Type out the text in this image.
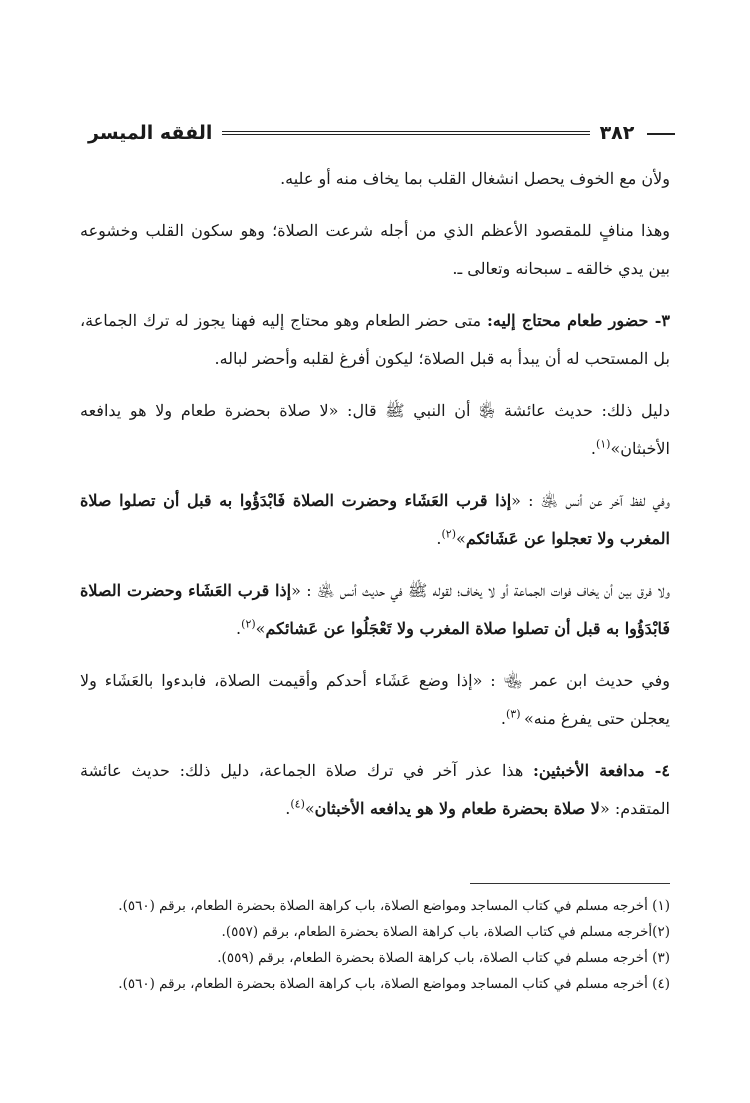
الفقه الميسر	٣٨٢

ولأن مع الخوف يحصل انشغال القلب بما يخاف منه أو عليه.

وهذا منافٍ للمقصود الأعظم الذي من أجله شرعت الصلاة؛ وهو سكون القلب وخشوعه بين يدي خالقه ـ سبحانه وتعالى ـ.

٣- حضور طعام محتاج إليه: متى حضر الطعام وهو محتاج إليه فهنا يجوز له ترك الجماعة، بل المستحب له أن يبدأ به قبل الصلاة؛ ليكون أفرغ لقلبه وأحضر لباله.

دليل ذلك: حديث عائشة ﵂ أن النبي ﷺ قال: «لا صلاة بحضرة طعام ولا هو يدافعه الأخبثان»$^{(١)}$.

وفي لفظ آخر عن أنس ﵁ : «إذا قرب العَشَاء وحضرت الصلاة فَابْدَؤُوا به قبل أن تصلوا صلاة المغرب ولا تعجلوا عن عَشَائكم»$^{(٢)}$.

ولا فرق بين أن يخاف فوات الجماعة أو لا يخاف؛ لقوله ﷺ في حديث أنس ﵁ : «إذا قرب العَشَاء وحضرت الصلاة فَابْدَؤُوا به قبل أن تصلوا صلاة المغرب ولا تَعْجَلُوا عن عَشائكم»$^{(٢)}$.

وفي حديث ابن عمر ﵄ : «إذا وضع عَشَاء أحدكم وأقيمت الصلاة، فابدءوا بالعَشَاء ولا يعجلن حتى يفرغ منه» $^{(٣)}$.

٤- مدافعة الأخبثين: هذا عذر آخر في ترك صلاة الجماعة، دليل ذلك: حديث عائشة المتقدم: «لا صلاة بحضرة طعام ولا هو يدافعه الأخبثان»$^{(٤)}$.

(١) أخرجه مسلم في كتاب المساجد ومواضع الصلاة، باب كراهة الصلاة بحضرة الطعام، برقم (٥٦٠).

(٢)أخرجه مسلم في كتاب الصلاة، باب كراهة الصلاة بحضرة الطعام، برقم (٥٥٧).

(٣) أخرجه مسلم في كتاب الصلاة، باب كراهة الصلاة بحضرة الطعام، برقم (٥٥٩).

(٤) أخرجه مسلم في كتاب المساجد ومواضع الصلاة، باب كراهة الصلاة بحضرة الطعام، برقم (٥٦٠).
